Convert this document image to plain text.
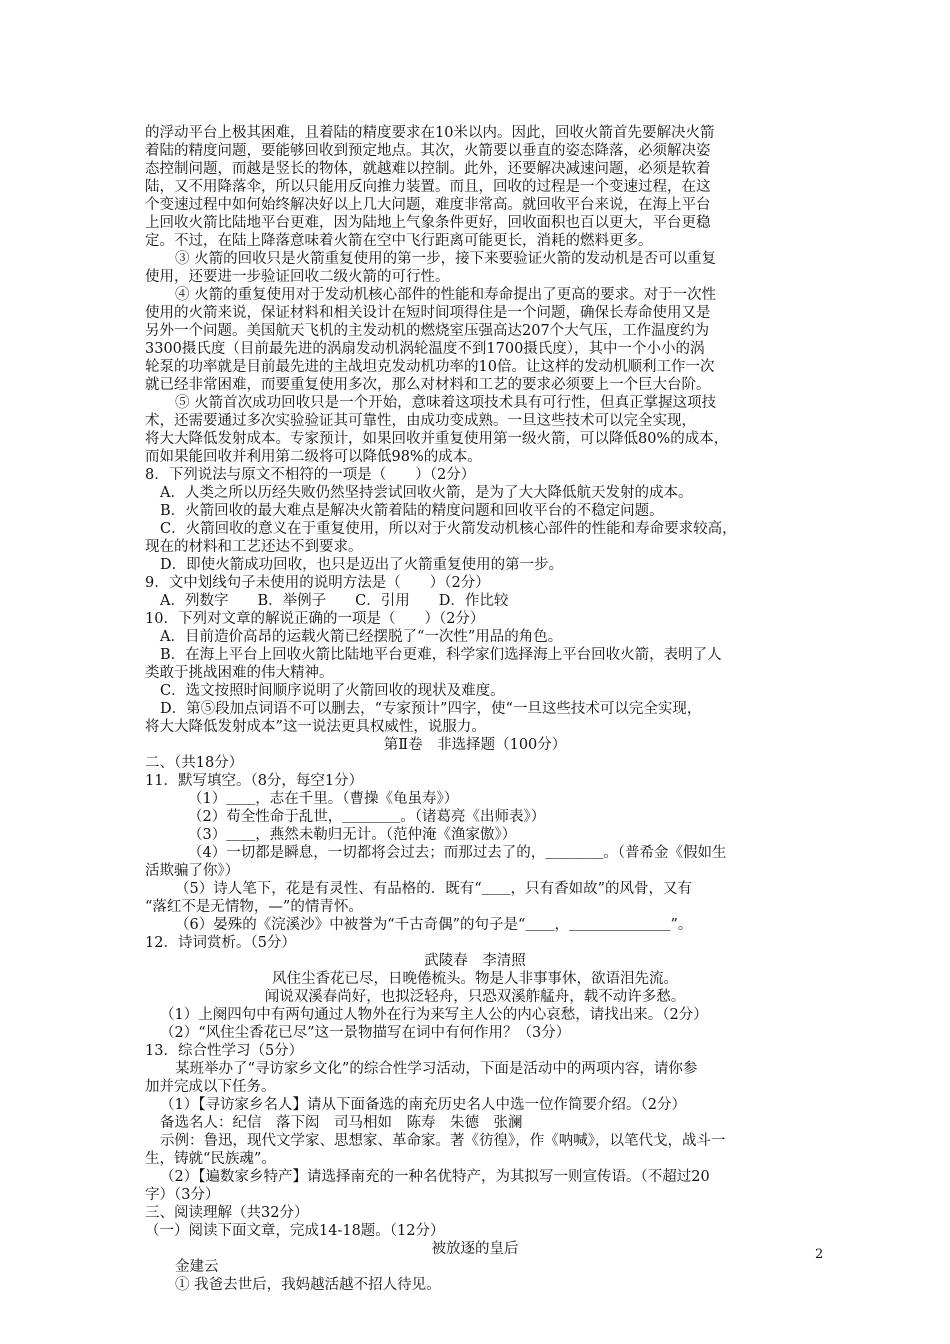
的浮动平台上极其困难，且着陆的精度要求在10米以内。因此，回收火箭首先要解决火箭
着陆的精度问题，要能够回收到预定地点。其次，火箭要以垂直的姿态降落，必须解决姿
态控制问题，而越是竖长的物体，就越难以控制。此外，还要解决减速问题，必须是软着
陆，又不用降落伞，所以只能用反向推力装置。而且，回收的过程是一个变速过程，在这
个变速过程中如何始终解决好以上几大问题，难度非常高。就回收平台来说，在海上平台
上回收火箭比陆地平台更难，因为陆地上气象条件更好，回收面积也百以更大，平台更稳
定。不过，在陆上降落意味着火箭在空中飞行距离可能更长，消耗的燃料更多。
③ 火箭的回收只是火箭重复使用的第一步，接下来要验证火箭的发动机是否可以重复
使用，还要进一步验证回收二级火箭的可行性。
④ 火箭的重复使用对于发动机核心部件的性能和寿命提出了更高的要求。对于一次性
使用的火箭来说，保证材料和相关设计在短时间项得住是一个问题，确保长寿命使用又是
另外一个问题。美国航天飞机的主发动机的燃烧室压强高达207个大气压，工作温度约为
3300摄氏度（目前最先进的涡扇发动机涡轮温度不到1700摄氏度），其中一个小小的涡
轮泵的功率就是目前最先进的主战坦克发动机功率的10倍。让这样的发动机顺利工作一次
就已经非常困难，而要重复使用多次，那么对材料和工艺的要求必须要上一个巨大台阶。
⑤ 火箭首次成功回收只是一个开始，意味着这项技术具有可行性，但真正掌握这项技
术，还需要通过多次实验验证其可靠性，由成功变成熟。一旦这些技术可以完全实现，
将大大降低发射成本。专家预计，如果回收并重复使用第一级火箭，可以降低80%的成本，
而如果能回收并利用第二级将可以降低98%的成本。
8．下列说法与原文不相符的一项是（　　）（2分）
A．人类之所以历经失败仍然坚持尝试回收火箭，是为了大大降低航天发射的成本。
B．火箭回收的最大难点是解决火箭着陆的精度问题和回收平台的不稳定问题。
C．火箭回收的意义在于重复使用，所以对于火箭发动机核心部件的性能和寿命要求较高，
现在的材料和工艺还达不到要求。
D．即使火箭成功回收，也只是迈出了火箭重复使用的第一步。
9．文中划线句子未使用的说明方法是（　　）（2分）
A．列数字　　B．举例子　　C．引用　　D．作比较
10．下列对文章的解说正确的一项是（　　）（2分）
A．目前造价高昂的运载火箭已经摆脱了“一次性”用品的角色。
B．在海上平台上回收火箭比陆地平台更难，科学家们选择海上平台回收火箭，表明了人
类敢于挑战困难的伟大精神。
C．选文按照时间顺序说明了火箭回收的现状及难度。
D．第⑤段加点词语不可以删去，“专家预计”四字，使“一旦这些技术可以完全实现，
将大大降低发射成本”这一说法更具权威性，说服力。
第Ⅱ卷　非选择题（100分）
二、（共18分）
11．默写填空。（8分，每空1分）
（1）＿＿，志在千里。（曹操《龟虽寿》）
（2）苟全性命于乱世，＿＿＿＿。（诸葛亮《出师表》）
（3）＿＿，燕然未勒归无计。（范仲淹《渔家傲》）
（4）一切都是瞬息，一切都将会过去；而那过去了的，＿＿＿＿。（普希金《假如生
活欺骗了你》）
（5）诗人笔下，花是有灵性、有品格的．既有“＿＿，只有香如故”的风骨，又有
“落红不是无情物，—”的情青怀。
（6）晏殊的《浣溪沙》中被誉为“千古奇偶”的句子是“＿＿，＿＿＿＿＿＿＿”。
12．诗词赏析。（5分）
武陵春　李清照
风住尘香花已尽，日晚倦梳头。物是人非事事休，欲语泪先流。
闻说双溪春尚好，也拟泛轻舟，只恐双溪舴艋舟，载不动许多愁。
（1）上阕四句中有两句通过人物外在行为来写主人公的内心哀愁，请找出来。（2分）
（2）“风住尘香花已尽”这一景物描写在词中有何作用？（3分）
13．综合性学习（5分）
某班举办了“寻访家乡文化”的综合性学习活动，下面是活动中的两项内容，请你参
加并完成以下任务。
（1）【寻访家乡名人】请从下面备选的南充历史名人中选一位作简要介绍。（2分）
备选名人：纪信　落下闳　司马相如　陈寿　朱德　张澜
示例：鲁迅，现代文学家、思想家、革命家。著《彷徨》，作《呐喊》，以笔代戈，战斗一
生，铸就“民族魂”。
（2）【遍数家乡特产】请选择南充的一种名优特产，为其拟写一则宣传语。（不超过20
字）（3分）
三、阅读理解（共32分）
（一）阅读下面文章，完成14-18题。（12分）
被放逐的皇后
金建云
① 我爸去世后，我妈越活越不招人待见。
2
